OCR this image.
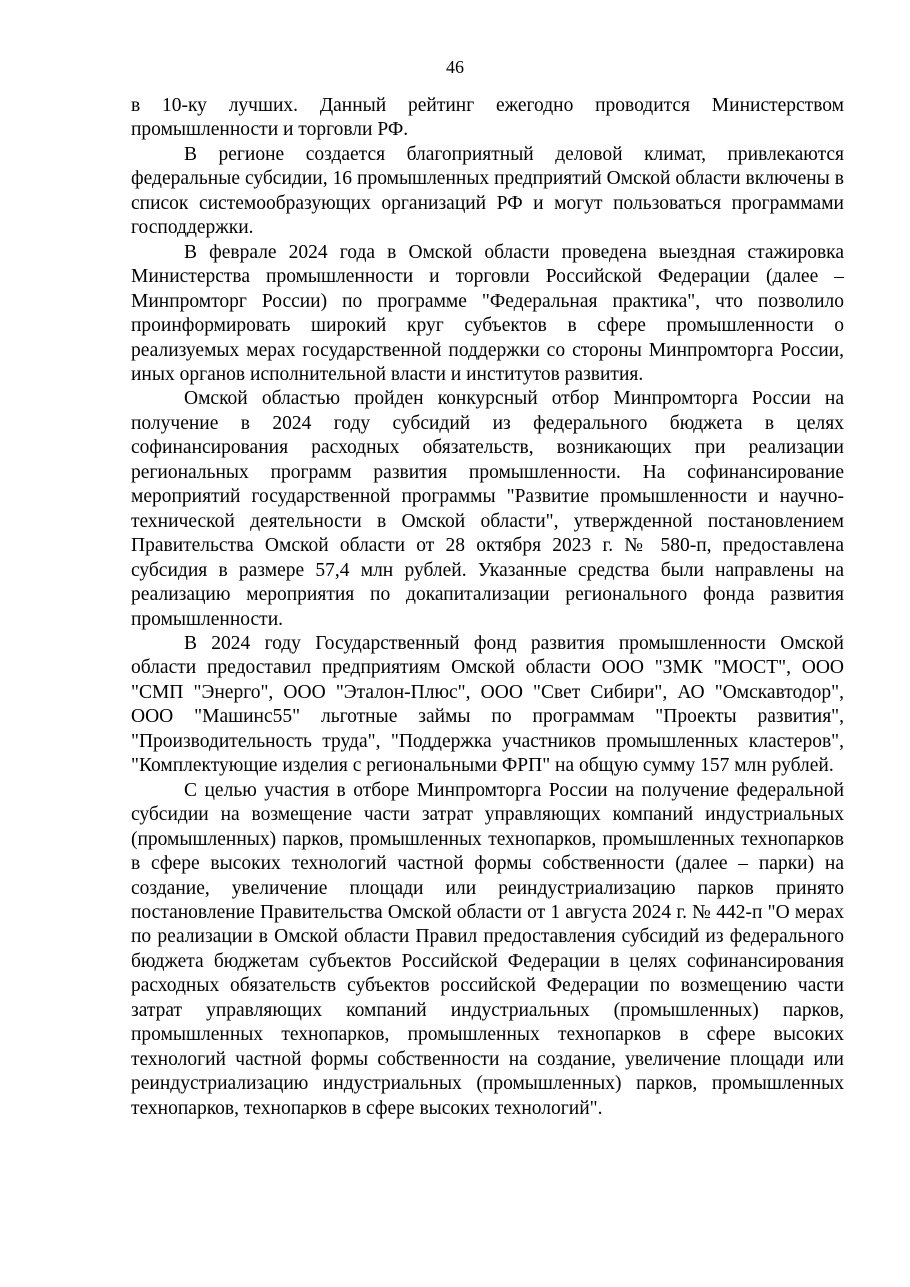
46

в 10-ку лучших. Данный рейтинг ежегодно проводится Министерством промышленности и торговли РФ.

В регионе создается благоприятный деловой климат, привлекаются федеральные субсидии, 16 промышленных предприятий Омской области включены в список системообразующих организаций РФ и могут пользоваться программами господдержки.

В феврале 2024 года в Омской области проведена выездная стажировка Министерства промышленности и торговли Российской Федерации (далее – Минпромторг России) по программе "Федеральная практика", что позволило проинформировать широкий круг субъектов в сфере промышленности о реализуемых мерах государственной поддержки со стороны Минпромторга России, иных органов исполнительной власти и институтов развития.

Омской областью пройден конкурсный отбор Минпромторга России на получение в 2024 году субсидий из федерального бюджета в целях софинансирования расходных обязательств, возникающих при реализации региональных программ развития промышленности. На софинансирование мероприятий государственной программы "Развитие промышленности и научно-технической деятельности в Омской области", утвержденной постановлением Правительства Омской области от 28 октября 2023 г. № 580-п, предоставлена субсидия в размере 57,4 млн рублей. Указанные средства были направлены на реализацию мероприятия по докапитализации регионального фонда развития промышленности.

В 2024 году Государственный фонд развития промышленности Омской области предоставил предприятиям Омской области ООО "ЗМК "МОСТ", ООО "СМП "Энерго", ООО "Эталон-Плюс", ООО "Свет Сибири", АО "Омскавтодор", ООО "Машинс55" льготные займы по программам "Проекты развития", "Производительность труда", "Поддержка участников промышленных кластеров", "Комплектующие изделия с региональными ФРП" на общую сумму 157 млн рублей.

С целью участия в отборе Минпромторга России на получение федеральной субсидии на возмещение части затрат управляющих компаний индустриальных (промышленных) парков, промышленных технопарков, промышленных технопарков в сфере высоких технологий частной формы собственности (далее – парки) на создание, увеличение площади или реиндустриализацию парков принято постановление Правительства Омской области от 1 августа 2024 г. № 442-п "О мерах по реализации в Омской области Правил предоставления субсидий из федерального бюджета бюджетам субъектов Российской Федерации в целях софинансирования расходных обязательств субъектов российской Федерации по возмещению части затрат управляющих компаний индустриальных (промышленных) парков, промышленных технопарков, промышленных технопарков в сфере высоких технологий частной формы собственности на создание, увеличение площади или реиндустриализацию индустриальных (промышленных) парков, промышленных технопарков, технопарков в сфере высоких технологий".
